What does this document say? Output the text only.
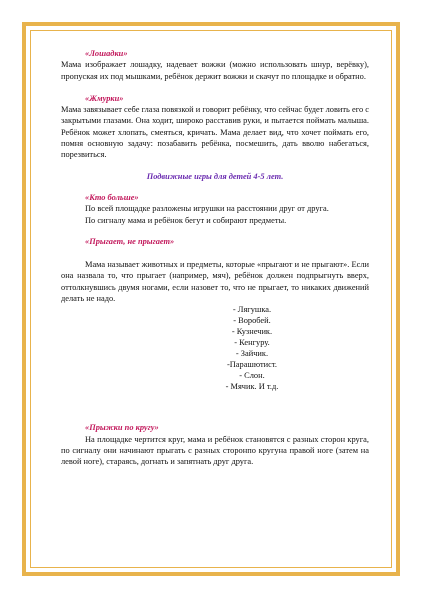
«Лошадки»

Мама изображает лошадку, надевает вожжи (можно использовать шнур, верёвку), пропуская их под мышками, ребёнок держит вожжи и скачут по площадке и обратно.

«Жмурки»

Мама завязывает себе глаза повязкой и говорит ребёнку, что сейчас будет ловить его с закрытыми глазами. Она ходит, широко расставив руки, и пытается поймать малыша. Ребёнок может хлопать, смеяться, кричать. Мама делает вид, что хочет поймать его, помня основную задачу: позабавить ребёнка, посмешить, дать вволю набегаться, порезвиться.

Подвижные игры для детей 4-5 лет.
«Кто больше»

По всей площадке разложены игрушки на расстоянии друг от друга.

По сигналу мама и ребёнок бегут и собирают предметы.

«Прыгает, не прыгает»

Мама называет животных и предметы, которые «прыгают и не прыгают». Если она назвала то, что прыгает (например, мяч), ребёнок должен подпрыгнуть вверх, оттолкнувшись двумя ногами, если назовет то, что не прыгает, то никаких движений делать не надо.

- Лягушка.
- Воробей.
- Кузнечик.
- Кенгуру.
- Зайчик.
-Парашютист.
- Слон.
- Мячик. И т.д.
«Прыжки по кругу»

На площадке чертится круг, мама и ребёнок становятся с разных сторон круга, по сигналу они начинают прыгать с разных сторонпо кругуна правой ноге (затем на левой ноге), стараясь, догнать и запятнать друг друга.
